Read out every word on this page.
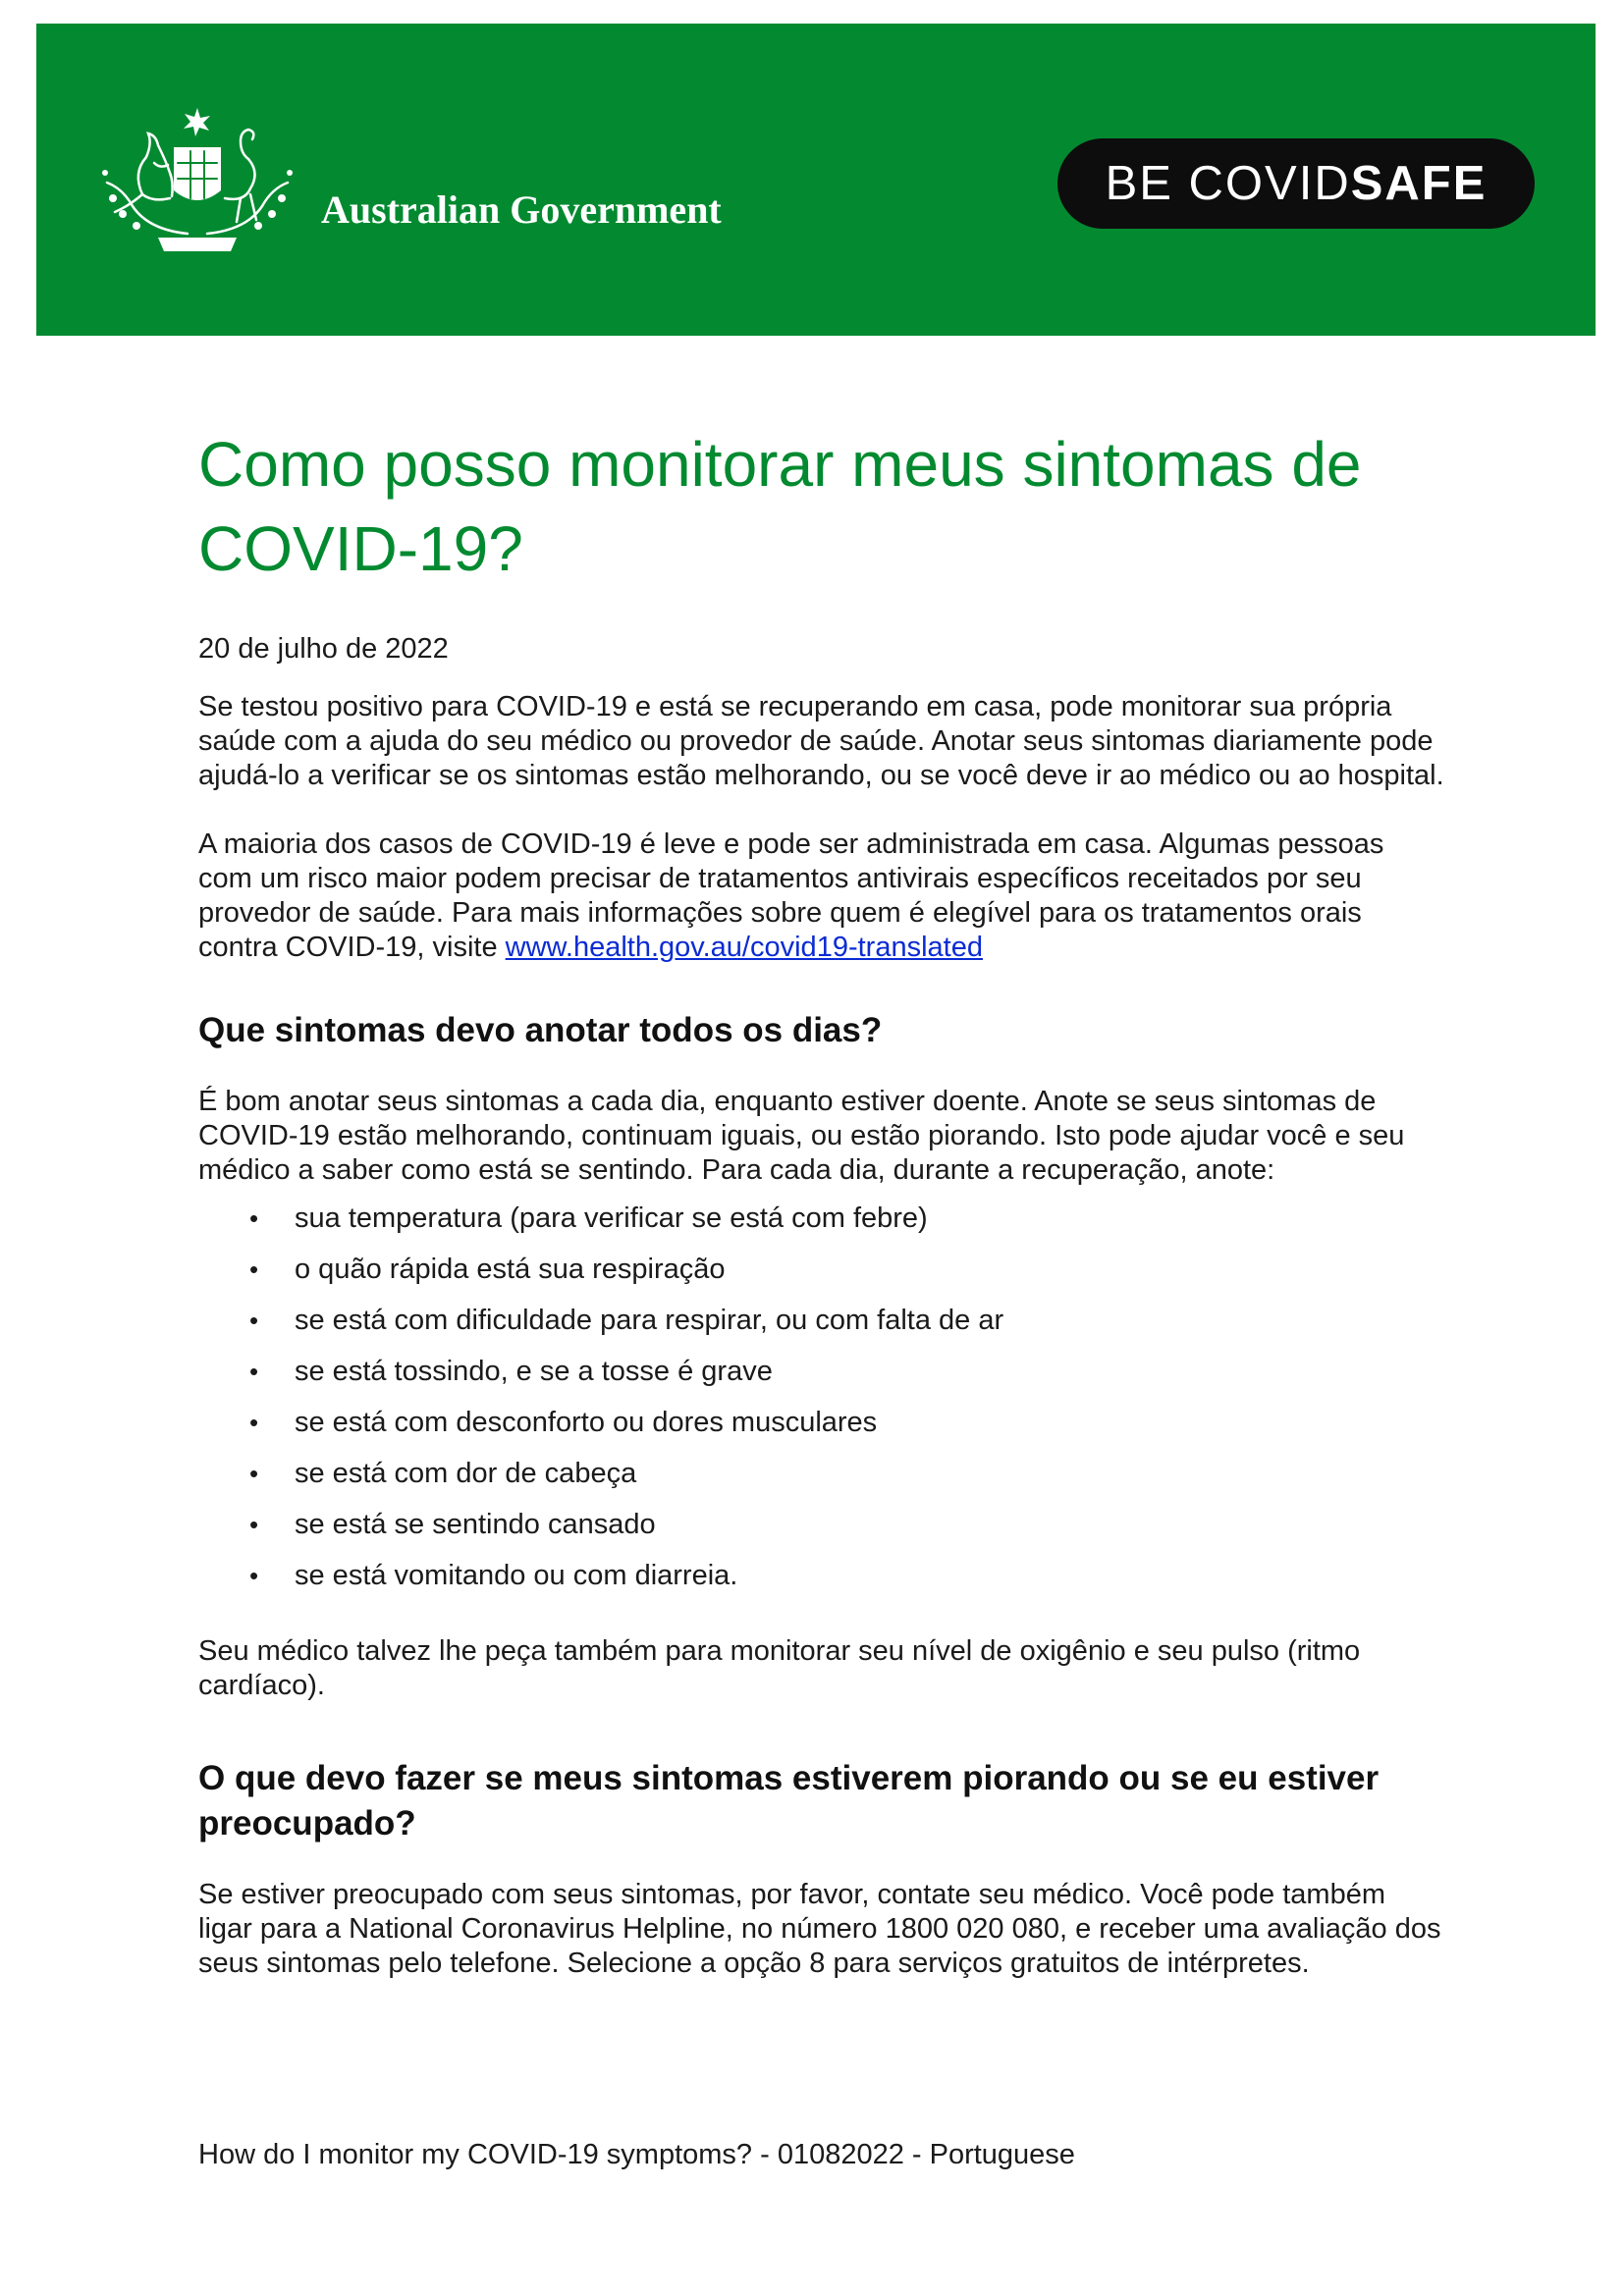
Australian Government	BE COVID SAFE
Como posso monitorar meus sintomas de COVID-19?
20 de julho de 2022

Se testou positivo para COVID-19 e está se recuperando em casa, pode monitorar sua própria saúde com a ajuda do seu médico ou provedor de saúde. Anotar seus sintomas diariamente pode ajudá-lo a verificar se os sintomas estão melhorando, ou se você deve ir ao médico ou ao hospital.

A maioria dos casos de COVID-19 é leve e pode ser administrada em casa. Algumas pessoas com um risco maior podem precisar de tratamentos antivirais específicos receitados por seu provedor de saúde. Para mais informações sobre quem é elegível para os tratamentos orais contra COVID-19, visite www.health.gov.au/covid19-translated

Que sintomas devo anotar todos os dias?

É bom anotar seus sintomas a cada dia, enquanto estiver doente. Anote se seus sintomas de COVID-19 estão melhorando, continuam iguais, ou estão piorando. Isto pode ajudar você e seu médico a saber como está se sentindo. Para cada dia, durante a recuperação, anote:

• sua temperatura (para verificar se está com febre)
• o quão rápida está sua respiração
• se está com dificuldade para respirar, ou com falta de ar
• se está tossindo, e se a tosse é grave
• se está com desconforto ou dores musculares
• se está com dor de cabeça
• se está se sentindo cansado
• se está vomitando ou com diarreia.

Seu médico talvez lhe peça também para monitorar seu nível de oxigênio e seu pulso (ritmo cardíaco).

O que devo fazer se meus sintomas estiverem piorando ou se eu estiver preocupado?

Se estiver preocupado com seus sintomas, por favor, contate seu médico. Você pode também ligar para a National Coronavirus Helpline, no número 1800 020 080, e receber uma avaliação dos seus sintomas pelo telefone. Selecione a opção 8 para serviços gratuitos de intérpretes.

How do I monitor my COVID-19 symptoms? - 01082022 - Portuguese
